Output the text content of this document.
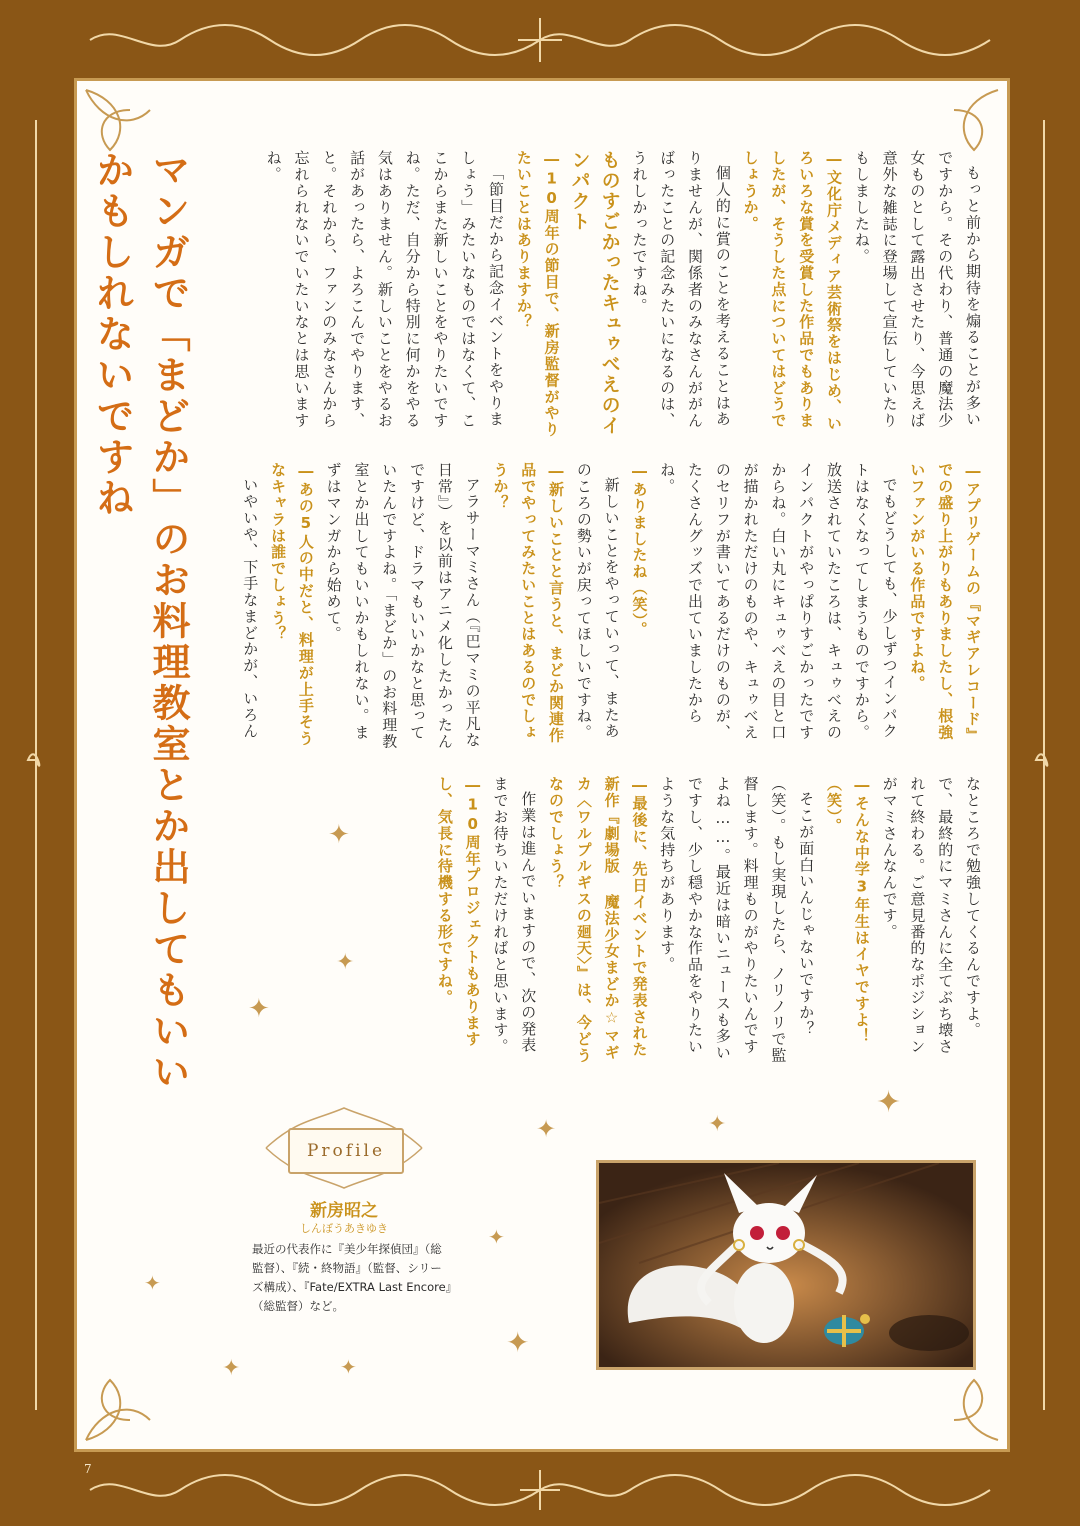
7
マンガで「まどか」のお料理教室とか出してもいいかもしれないですね	もっと前から期待を煽ることが多いですから。その代わり、普通の魔法少女ものとして露出させたり、今思えば意外な雑誌に登場して宣伝していたりもしましたね。

―文化庁メディア芸術祭をはじめ、いろいろな賞を受賞した作品でもありましたが、そうした点についてはどうでしょうか。

個人的に賞のことを考えることはありませんが、関係者のみなさんががんばったことの記念みたいになるのは、うれしかったですね。

ものすごかったキュゥべえのインパクト

―10周年の節目で、新房監督がやりたいことはありますか？

「節目だから記念イベントをやりましょう」みたいなものではなくて、ここからまた新しいことをやりたいですね。ただ、自分から特別に何かをやる気はありません。新しいことをやるお話があったら、よろこんでやります、と。それから、ファンのみなさんから忘れられないでいたいなとは思いますね。

―アプリゲームの『マギアレコード』での盛り上がりもありましたし、根強いファンがいる作品ですよね。

でもどうしても、少しずつインパクトはなくなってしまうものですから。放送されていたころは、キュゥべえのインパクトがやっぱりすごかったですからね。白い丸にキュゥべえの目と口が描かれただけのものや、キュゥべえのセリフが書いてあるだけのものが、たくさんグッズで出ていましたからね。

―ありましたね（笑）。

新しいことをやっていって、またあのころの勢いが戻ってほしいですね。

―新しいことと言うと、まどか関連作品でやってみたいことはあるのでしょうか？

アラサーマミさん（『巴マミの平凡な日常』）を以前はアニメ化したかったんですけど、ドラマもいいかなと思っていたんですよね。「まどか」のお料理教室とか出してもいいかもしれない。まずはマンガから始めて。

―あの5人の中だと、料理が上手そうなキャラは誰でしょう？

いやいや、下手なまどかが、いろん

なところで勉強してくるんですよ。で、最終的にマミさんに全てぶち壊されて終わる。ご意見番的なポジションがマミさんなんです。

―そんな中学3年生はイヤですよ！（笑）。

そこが面白いんじゃないですか？（笑）。もし実現したら、ノリノリで監督します。料理ものがやりたいんですよね……。最近は暗いニュースも多いですし、少し穏やかな作品をやりたいような気持ちがあります。

―最後に、先日イベントで発表された新作『劇場版 魔法少女まどか☆マギカ〈ワルプルギスの廻天〉』は、今どうなのでしょう？

作業は進んでいますので、次の発表までお待ちいただければと思います。

―10周年プロジェクトもありますし、気長に待機する形ですね。

Profile
新房昭之
しんぼうあきゆき
最近の代表作に『美少年探偵団』（総監督）、『続・終物語』（監督、シリーズ構成）、『Fate/EXTRA Last Encore』（総監督）など。
✦
✦
✦
✦	✦
✦
✦
✦
✦
✦	✦
